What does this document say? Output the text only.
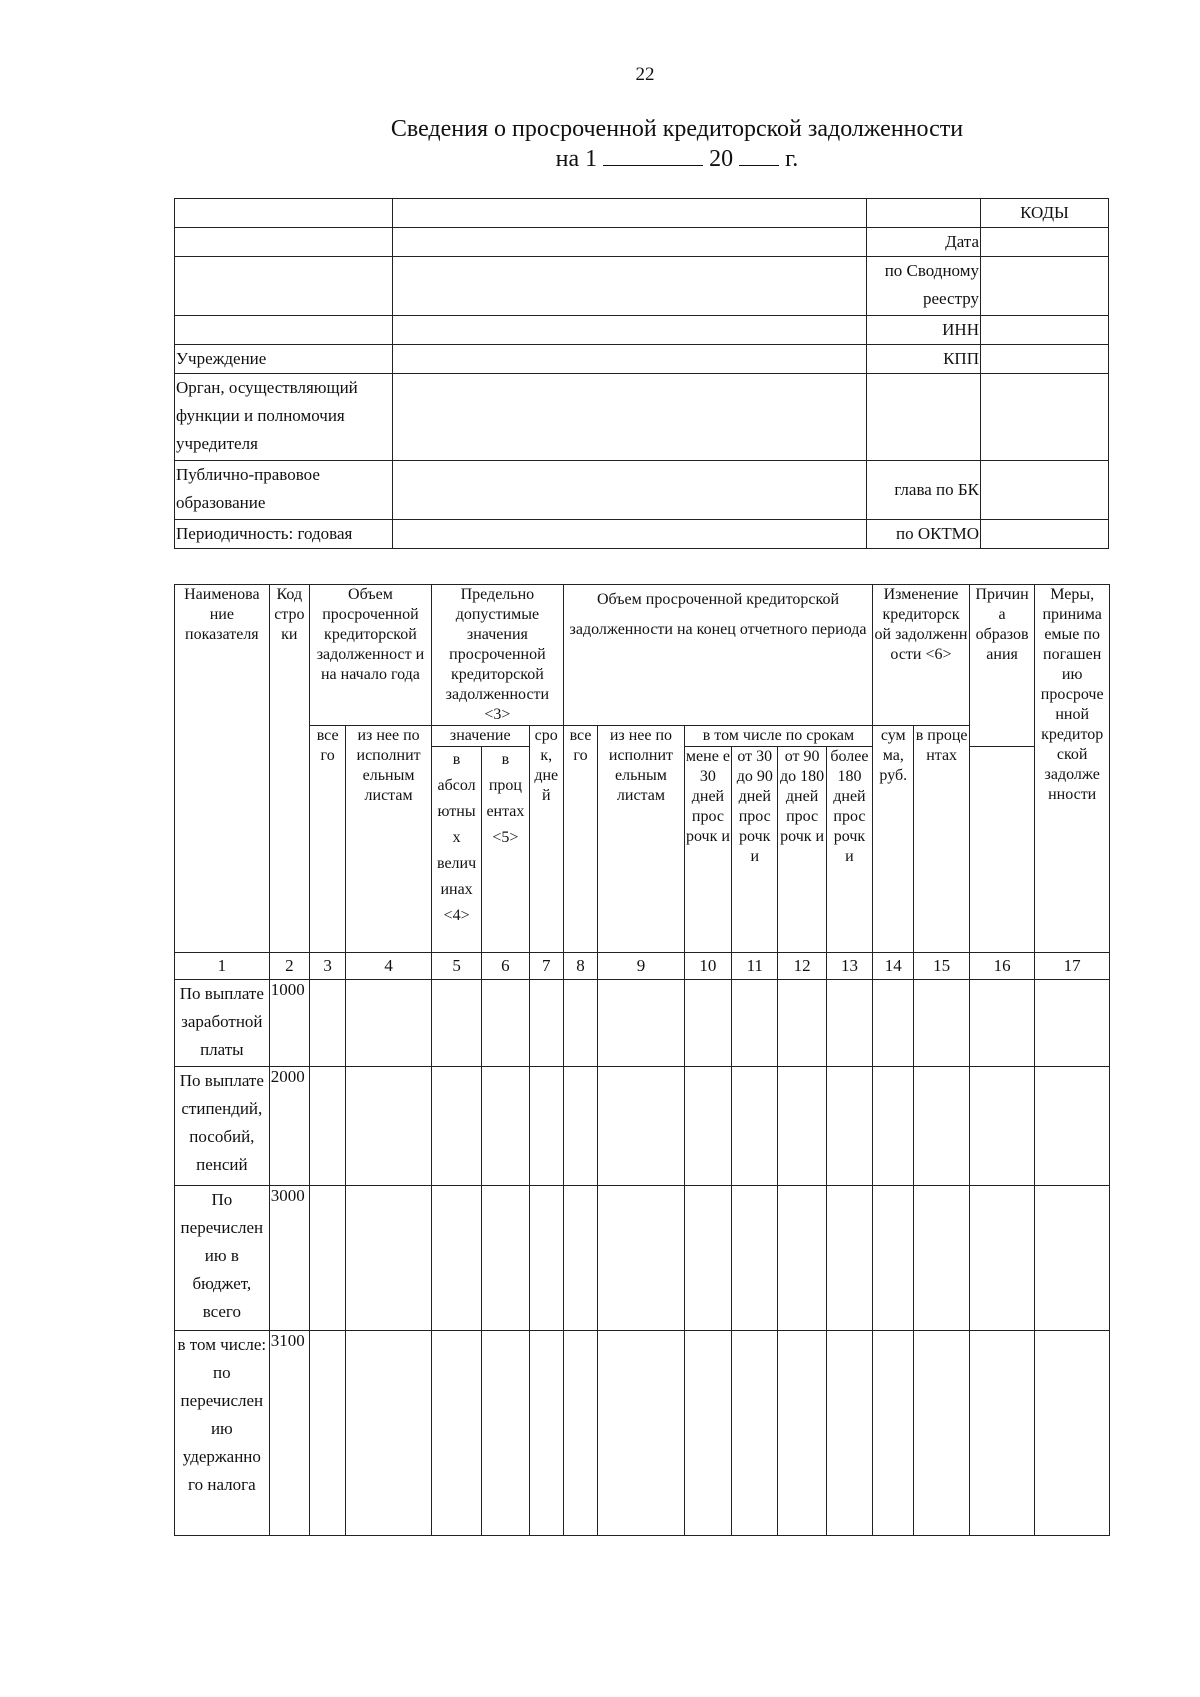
22
Сведения о просроченной кредиторской задолженности
на 1	20 г.
			КОДЫ
		Дата	

		по Сводному
реестру	

		ИНН	
Учреждение		КПП	

Орган, осуществляющий
функции и полномочия
учредителя			

Публично-правовое
образование		глава по БК	
Периодичность: годовая		по ОКТМО	
Наименова ние показателя	Код стро ки	Объем просроченной кредиторской задолженност и на начало года		Предельно допустимые значения просроченной кредиторской задолженности <3>			Объем просроченной кредиторской задолженности на конец отчетного периода						Изменение кредиторск ой задолженн ости <6>		Причин а образов ания	Меры, принима емые по погашен ию просроче нной кредитор ской задолже нности
		все го	из нее по исполнит ельным листам	значение		сро к, дне й	все го	из нее по исполнит ельным листам	в том числе по срокам				сум ма, руб.	в проце нтах		
				в абсол ютны х велич инах <4>	в проц ентах <5>				мене е 30 дней прос рочк и	от 30 до 90 дней прос рочк и	от 90 до 180 дней прос рочк и	более 180 дней прос рочк и				
1	2	3	4	5	6	7	8	9	10	11	12	13	14	15	16	17
По выплате заработной платы	1000															
По выплате стипендий, пособий, пенсий	2000															
По перечислен ию в бюджет, всего	3000															
в том числе: по перечислен ию удержанно го налога	3100															
